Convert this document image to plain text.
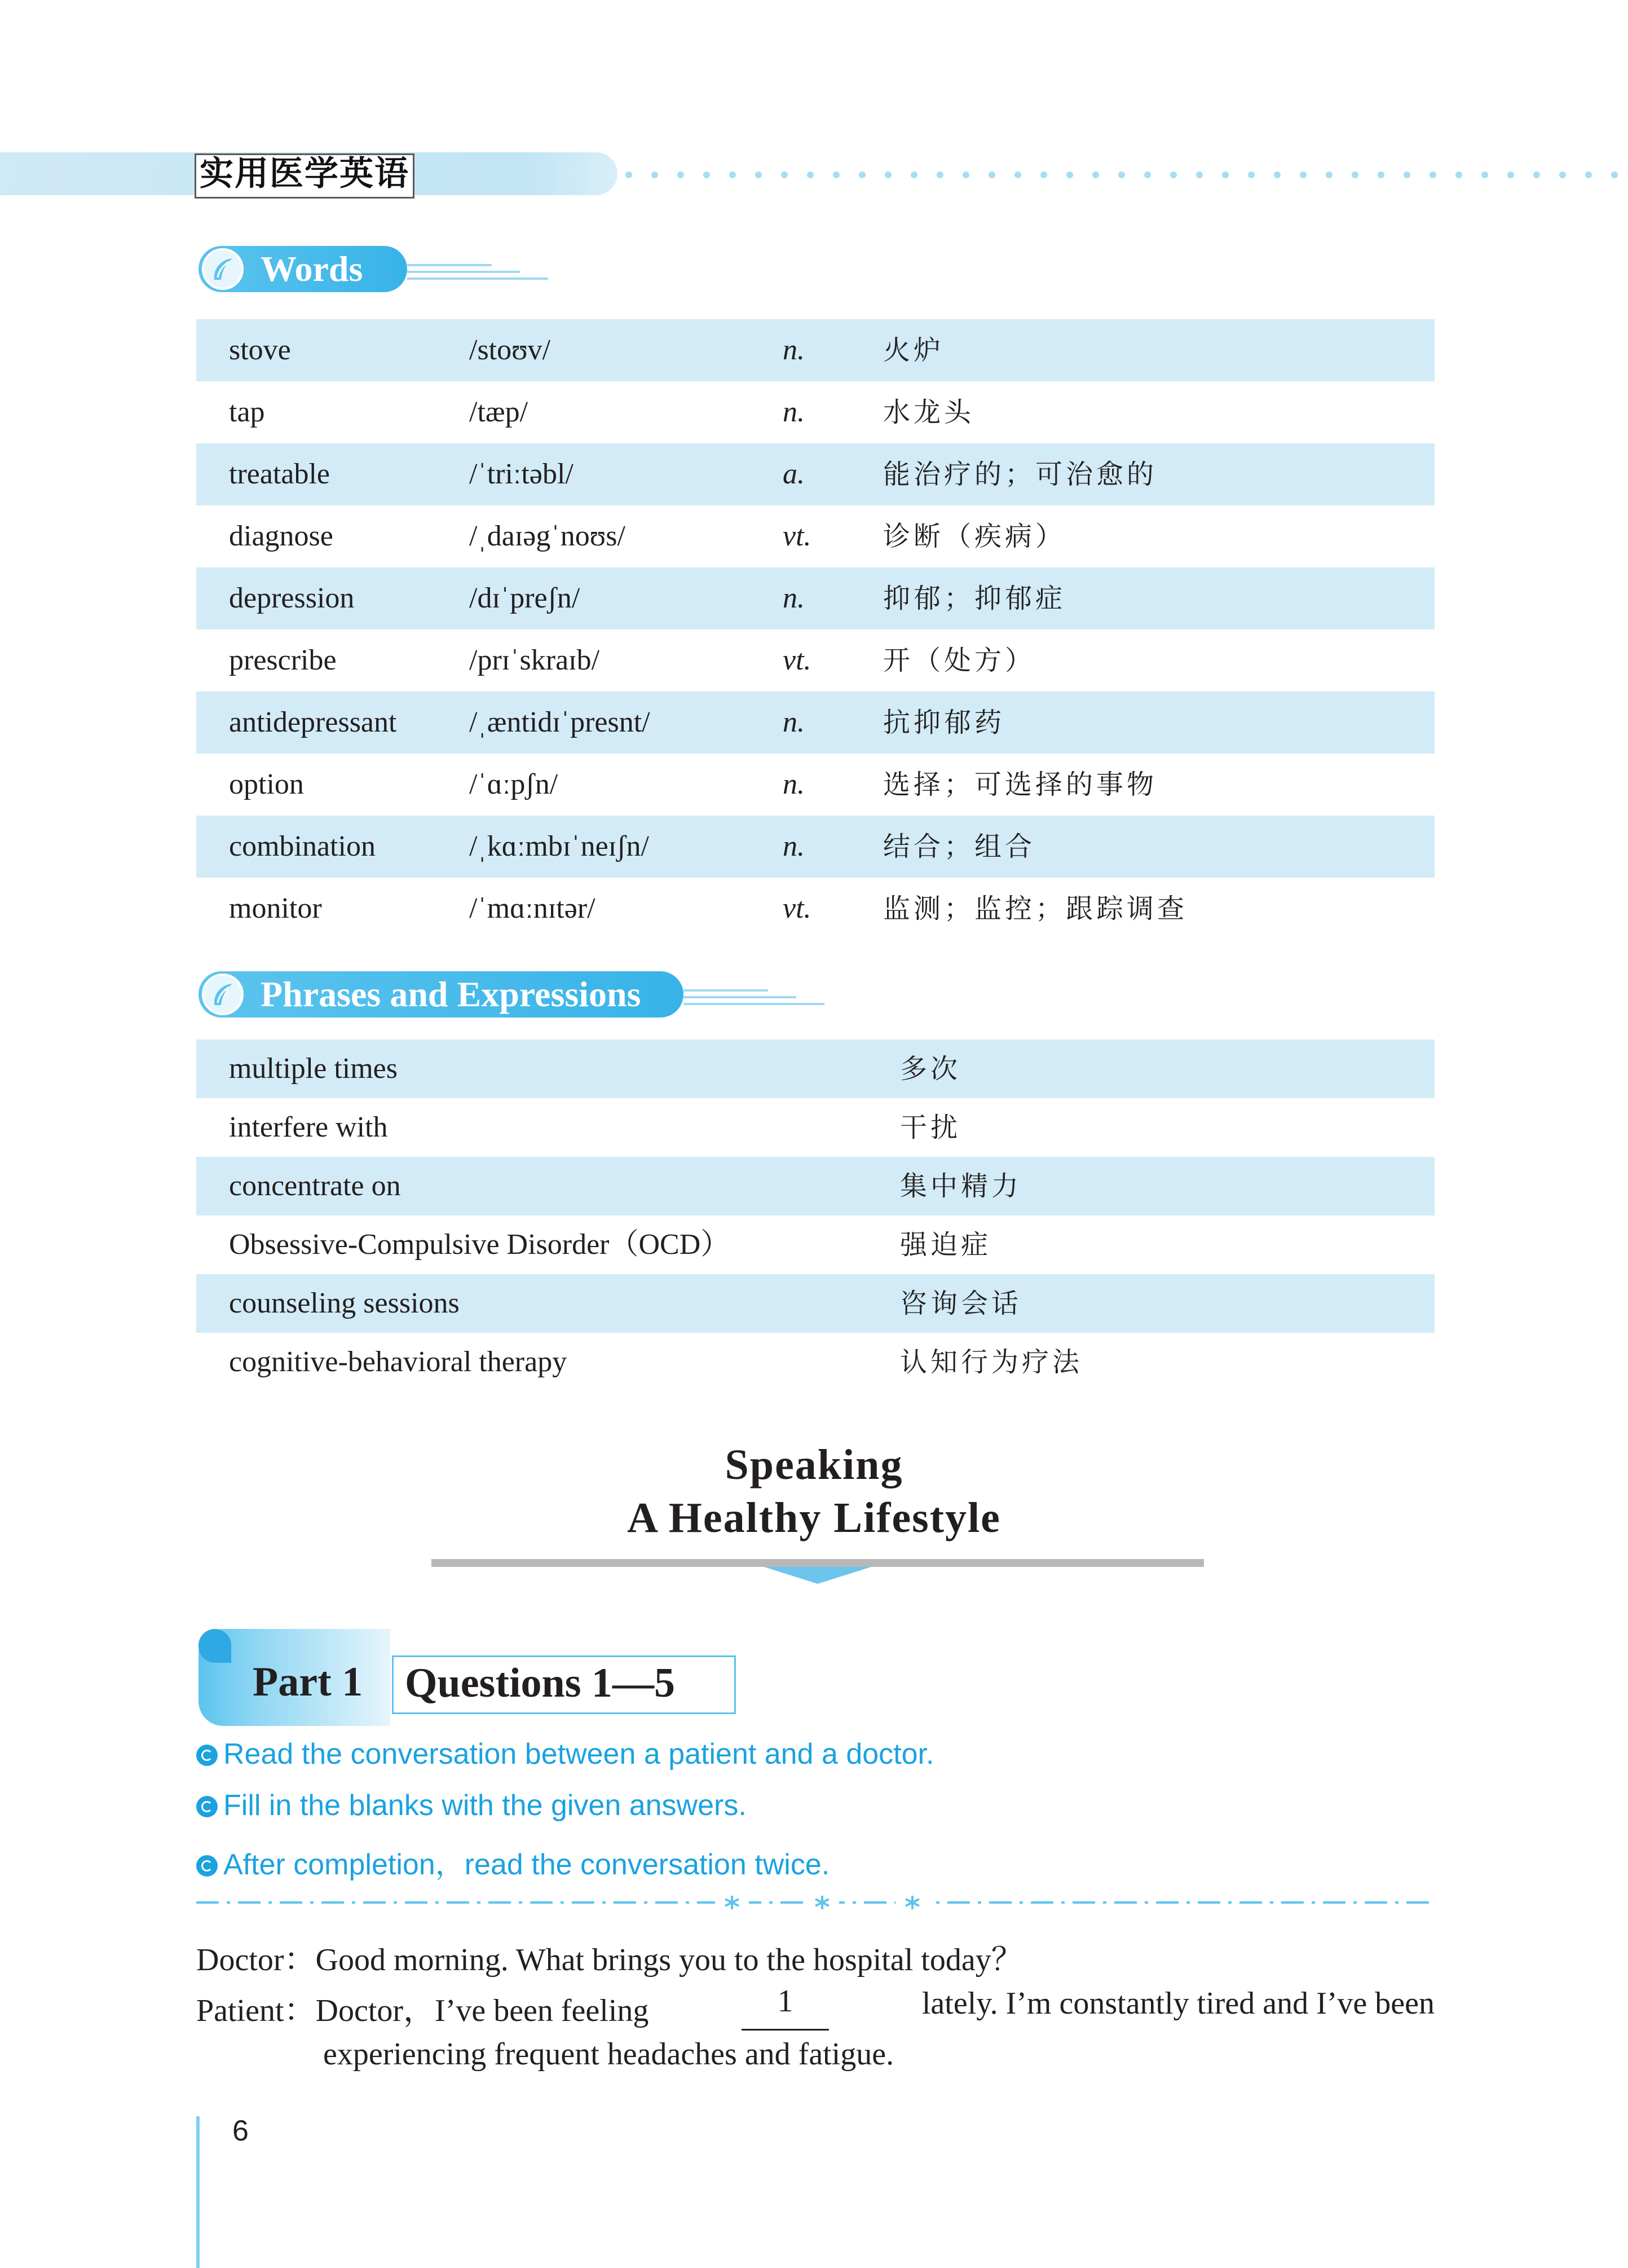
实用医学英语
Words
stove	/stoʊv/	n.	火炉
tap	/tæp/	n.	水龙头
treatable	/ˈtriːtəbl/	a.	能治疗的；可治愈的
diagnose	/ˌdaɪəgˈnoʊs/	vt.	诊断（疾病）
depression	/dɪˈpreʃn/	n.	抑郁；抑郁症
prescribe	/prɪˈskraɪb/	vt.	开（处方）
antidepressant /ˌæntidɪˈpresnt/	n.	抗抑郁药
option	/ˈɑːpʃn/	n.	选择；可选择的事物
combination	/ˌkɑːmbɪˈneɪʃn/	n.	结合；组合
monitor	/ˈmɑːnɪtər/	vt.	监测；监控；跟踪调查
Phrases and Expressions
multiple times	多次
interfere with	干扰
concentrate on	集中精力
Obsessive-Compulsive Disorder（OCD）	强迫症
counseling sessions	咨询会话
cognitive-behavioral therapy	认知行为疗法
Speaking
A Healthy Lifestyle
Part 1 Questions 1—5
Read the conversation between a patient and a doctor.
Fill in the blanks with the given answers.
After completion，read the conversation twice.
Doctor：Good morning. What brings you to the hospital today？
Patient：Doctor，I’ve been feeling	1	lately. I’m constantly tired and I’ve been
experiencing frequent headaches and fatigue.
6
